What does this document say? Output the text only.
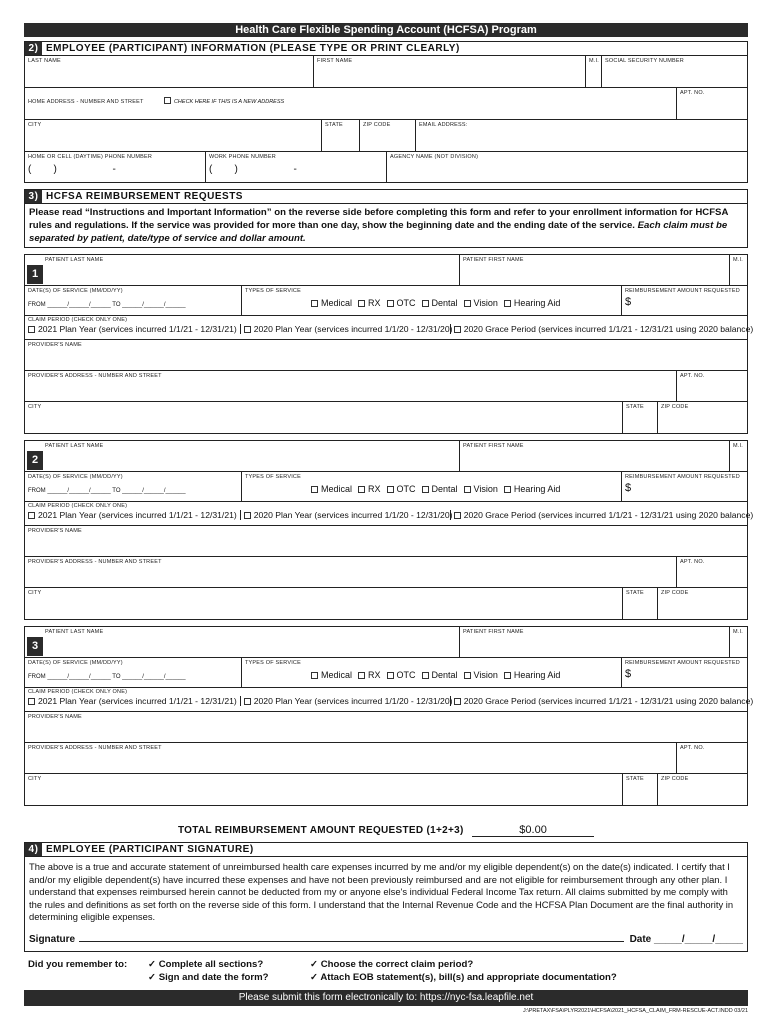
Health Care Flexible Spending Account (HCFSA) Program
2) EMPLOYEE (PARTICIPANT) INFORMATION (PLEASE TYPE OR PRINT CLEARLY)
LAST NAME	FIRST NAME	M.I. SOCIAL SECURITY NUMBER
HOME ADDRESS - NUMBER AND STREET	CHECK HERE IF THIS IS A NEW ADDRESS
APT. NO.
CITY	STATE	ZIP CODE	EMAIL ADDRESS:
HOME OR CELL (DAYTIME) PHONE NUMBER
(        )                    -
WORK PHONE NUMBER
(        )                    -
AGENCY NAME (NOT DIVISION)
3) HCFSA REIMBURSEMENT REQUESTS
Please read “Instructions and Important Information” on the reverse side before completing this form and refer to your enrollment information for HCFSA rules and regulations. If the service was provided for more than one day, show the beginning date and the ending date of the service. Each claim must be separated by patient, date/type of service and dollar amount.
1
PATIENT LAST NAME	PATIENT FIRST NAME	M.I.
DATE(S) OF SERVICE (MM/DD/YY)
FROM ______/______/______ TO ______/______/______
TYPES OF SERVICE
Medical RX OTC Dental Vision Hearing Aid
REIMBURSEMENT AMOUNT REQUESTED
$
CLAIM PERIOD (CHECK ONLY ONE)
2021 Plan Year (services incurred 1/1/21 - 12/31/21)	2020 Plan Year (services incurred 1/1/20 - 12/31/20)	2020 Grace Period (services incurred 1/1/21 - 12/31/21 using 2020 balance)
PROVIDER'S NAME
PROVIDER'S ADDRESS - NUMBER AND STREET	APT. NO.
CITY	STATE	ZIP CODE
2
PATIENT LAST NAME	PATIENT FIRST NAME	M.I.
DATE(S) OF SERVICE (MM/DD/YY)
FROM ______/______/______ TO ______/______/______
TYPES OF SERVICE
Medical RX OTC Dental Vision Hearing Aid
REIMBURSEMENT AMOUNT REQUESTED
$
CLAIM PERIOD (CHECK ONLY ONE)
2021 Plan Year (services incurred 1/1/21 - 12/31/21)	2020 Plan Year (services incurred 1/1/20 - 12/31/20)	2020 Grace Period (services incurred 1/1/21 - 12/31/21 using 2020 balance)
PROVIDER'S NAME
PROVIDER'S ADDRESS - NUMBER AND STREET	APT. NO.
CITY	STATE	ZIP CODE
3
PATIENT LAST NAME	PATIENT FIRST NAME	M.I.
DATE(S) OF SERVICE (MM/DD/YY)
FROM ______/______/______ TO ______/______/______
TYPES OF SERVICE
Medical RX OTC Dental Vision Hearing Aid
REIMBURSEMENT AMOUNT REQUESTED
$
CLAIM PERIOD (CHECK ONLY ONE)
2021 Plan Year (services incurred 1/1/21 - 12/31/21)	2020 Plan Year (services incurred 1/1/20 - 12/31/20)	2020 Grace Period (services incurred 1/1/21 - 12/31/21 using 2020 balance)
PROVIDER'S NAME
PROVIDER'S ADDRESS - NUMBER AND STREET	APT. NO.
CITY	STATE	ZIP CODE
TOTAL REIMBURSEMENT AMOUNT REQUESTED (1+2+3)	$0.00
4) EMPLOYEE (PARTICIPANT SIGNATURE)
The above is a true and accurate statement of unreimbursed health care expenses incurred by me and/or my eligible dependent(s) on the date(s) indicated. I certify that I and/or my eligible dependent(s) have incurred these expenses and have not been previously reimbursed and are not eligible for reimbursement through any other plan. I understand that expenses reimbursed herein cannot be deducted from my or anyone else's individual Federal Income Tax return. All claims submitted by me comply with the rules and definitions as set forth on the reverse side of this form. I understand that the Internal Revenue Code and the HCFSA Plan Document are the final authority in determining eligible expenses.
Signature	Date _____/_____/_____
Did you remember to:	✓ Complete all sections?
✓ Sign and date the form?
✓ Choose the correct claim period?
✓ Attach EOB statement(s), bill(s) and appropriate documentation?
Please submit this form electronically to: https://nyc-fsa.leapfile.net
J:\PRETAX\FSA\PLYR2021\HCFSA\2021_HCFSA_CLAIM_FRM-RESCUE-ACT.INDD 03/21
